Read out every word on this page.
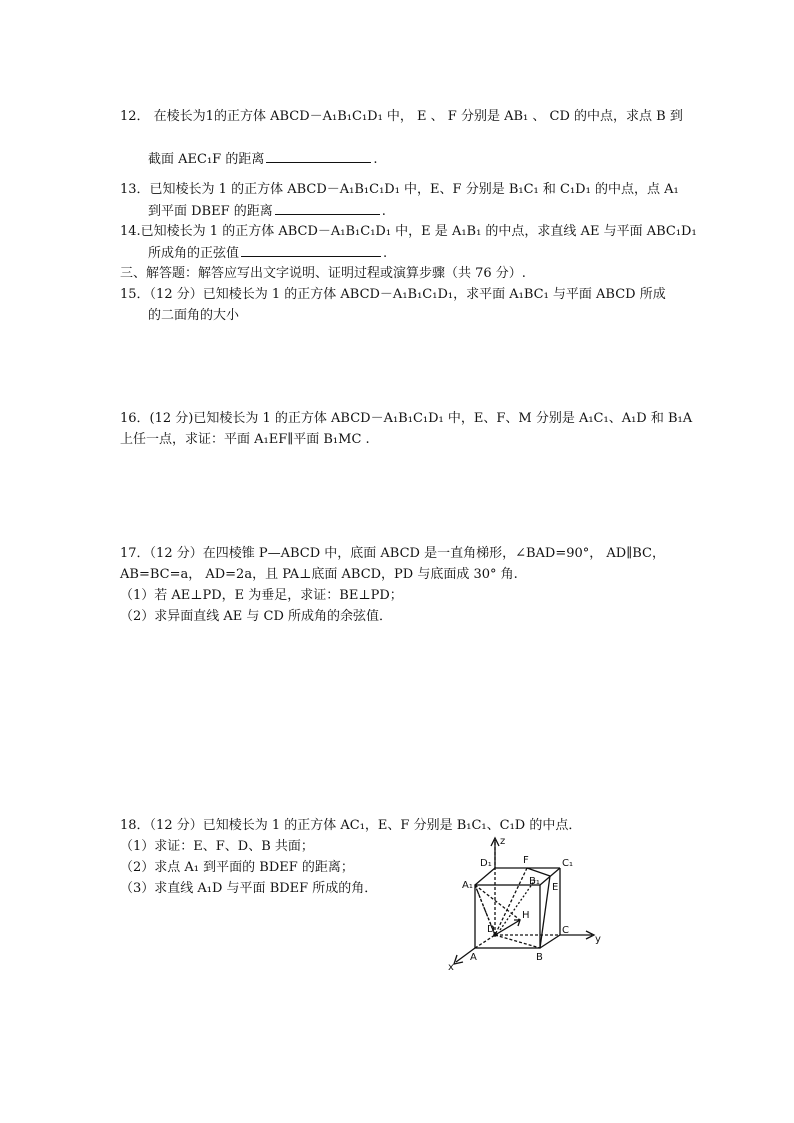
12． 在棱长为1的正方体 ABCD－A₁B₁C₁D₁ 中， E 、 F 分别是 AB₁ 、 CD 的中点，求点 B 到
截面 AEC₁F 的距离	.
13．已知棱长为 1 的正方体 ABCD－A₁B₁C₁D₁ 中，E、F 分别是 B₁C₁ 和 C₁D₁ 的中点，点 A₁
到平面 DBEF 的距离	.
14.已知棱长为 1 的正方体 ABCD－A₁B₁C₁D₁ 中，E 是 A₁B₁ 的中点，求直线 AE 与平面 ABC₁D₁
所成角的正弦值	.
三、解答题：解答应写出文字说明、证明过程或演算步骤（共 76 分）.
15．（12 分）已知棱长为 1 的正方体 ABCD－A₁B₁C₁D₁，求平面 A₁BC₁ 与平面 ABCD 所成
的二面角的大小
16．(12 分)已知棱长为 1 的正方体 ABCD－A₁B₁C₁D₁ 中，E、F、M 分别是 A₁C₁、A₁D 和 B₁A
上任一点，求证：平面 A₁EF∥平面 B₁MC .
17．（12 分）在四棱锥 P—ABCD 中，底面 ABCD 是一直角梯形，∠BAD=90°， AD∥BC，
AB=BC=a， AD=2a，且 PA⊥底面 ABCD，PD 与底面成 30° 角.
（1）若 AE⊥PD，E 为垂足，求证：BE⊥PD；
（2）求异面直线 AE 与 CD 所成角的余弦值．
18．（12 分）已知棱长为 1 的正方体 AC₁，E、F 分别是 B₁C₁、C₁D 的中点．
（1）求证：E、F、D、B 共面；
（2）求点 A₁ 到平面的 BDEF 的距离；
（3）求直线 A₁D 与平面 BDEF 所成的角．
z
y
x
D₁	F	C₁
B₁
A₁	E
H
D	C
A	B
